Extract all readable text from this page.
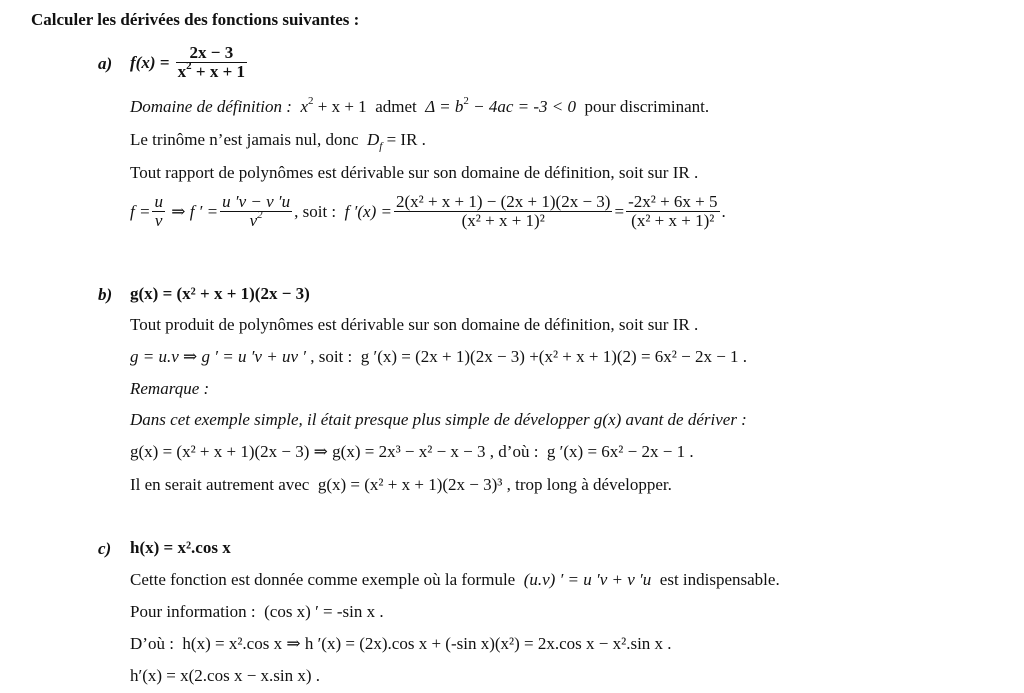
Calculer les dérivées des fonctions suivantes :
a) $f(x) = \frac{2x - 3}{x^2 + x + 1}$
Domaine de définition : $x^2 + x + 1$ admet $\Delta = b^2 - 4ac = -3 < 0$ pour discriminant.
Le trinôme n’est jamais nul, donc $D_f$ = IR .
Tout rapport de polynômes est dérivable sur son domaine de définition, soit sur IR .
$f = \frac{u}{v}$ ⇒ f ′ = $\frac{u 'v - v 'u}{v^2}$ , soit : f $'(x) = \frac{\text{2(x² + x + 1) − (2x + 1)(2x − 3)}}{\text{(x² + x + 1)²}} = \frac{\text{-2x² + 6x + 5}}{\text{(x² + x + 1)²}}$ .
b) g(x) = (x² + x + 1)(2x − 3)
Tout produit de polynômes est dérivable sur son domaine de définition, soit sur IR .
g = u.v ⇒ g ′ = u ′v + uv ′ , soit : g ′(x) = (2x + 1)(2x − 3) +(x² + x + 1)(2) = 6x² − 2x − 1 .
Remarque :
Dans cet exemple simple, il était presque plus simple de développer g(x) avant de dériver :
g(x) = (x² + x + 1)(2x − 3) ⇒ g(x) = 2x³ − x² − x − 3 , d’où : g ′(x) = 6x² − 2x − 1 .
Il en serait autrement avec g(x) = (x² + x + 1)(2x − 3)³ , trop long à développer.
c) h(x) = x².cos x
Cette fonction est donnée comme exemple où la formule (u.v) ′ = u ′v + v ′u est indispensable.
Pour information : (cos x) ′ = -sin x .
D’où : h(x) = x².cos x ⇒ h ′(x) = (2x).cos x + (-sin x)(x²) = 2x.cos x − x².sin x .
h′(x) = x(2.cos x − x.sin x) .
